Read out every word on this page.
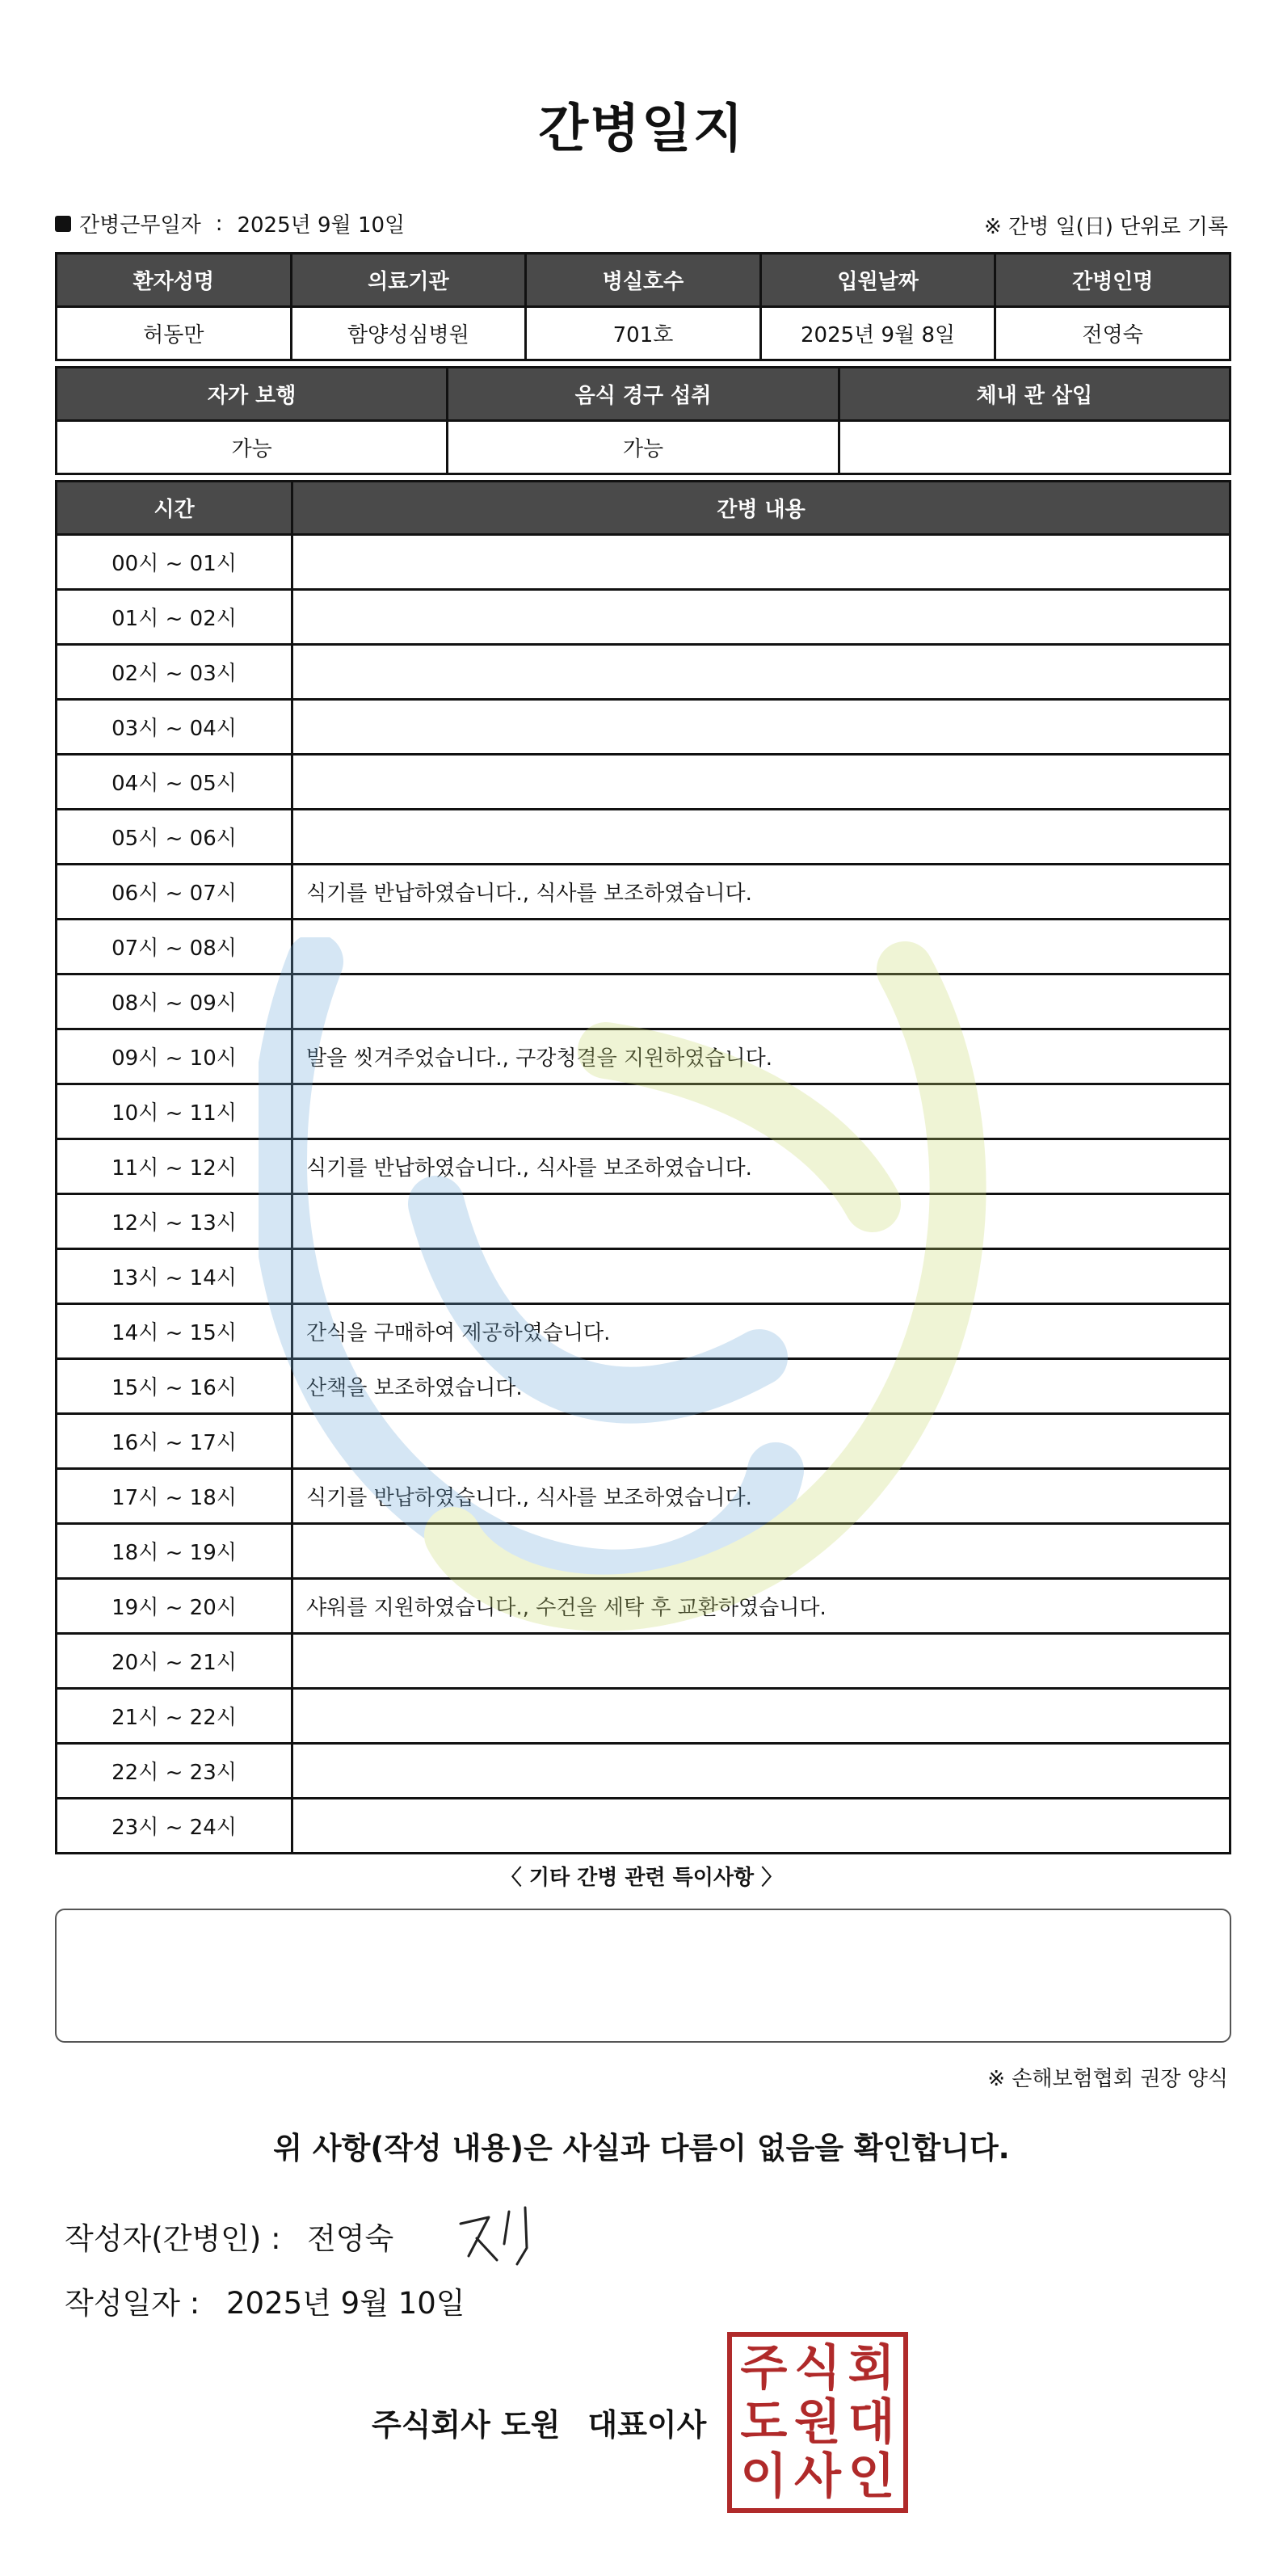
간병일지
간병근무일자 : 2025년 9월 10일	※ 간병 일(日) 단위로 기록
환자성명	의료기관	병실호수	입원날짜	간병인명
허동만	함양성심병원	701호	2025년 9월 8일	전영숙
자가 보행	음식 경구 섭취	체내 관 삽입
가능	가능	
시간	간병 내용
00시 ~ 01시	
01시 ~ 02시	
02시 ~ 03시	
03시 ~ 04시	
04시 ~ 05시	
05시 ~ 06시	
06시 ~ 07시	식기를 반납하였습니다., 식사를 보조하였습니다.
07시 ~ 08시	
08시 ~ 09시	
09시 ~ 10시	발을 씻겨주었습니다., 구강청결을 지원하였습니다.
10시 ~ 11시	
11시 ~ 12시	식기를 반납하였습니다., 식사를 보조하였습니다.
12시 ~ 13시	
13시 ~ 14시	
14시 ~ 15시	간식을 구매하여 제공하였습니다.
15시 ~ 16시	산책을 보조하였습니다.
16시 ~ 17시	
17시 ~ 18시	식기를 반납하였습니다., 식사를 보조하였습니다.
18시 ~ 19시	
19시 ~ 20시	샤워를 지원하였습니다., 수건을 세탁 후 교환하였습니다.
20시 ~ 21시	
21시 ~ 22시	
22시 ~ 23시	
23시 ~ 24시	
〈 기타 간병 관련 특이사항 〉
※ 손해보험협회 권장 양식
위 사항(작성 내용)은 사실과 다름이 없음을 확인합니다.
작성자(간병인) : 전영숙
작성일자 : 2025년 9월 10일
주식회사 도원 대표이사
주 식 회
도 원 대
이 사 인
